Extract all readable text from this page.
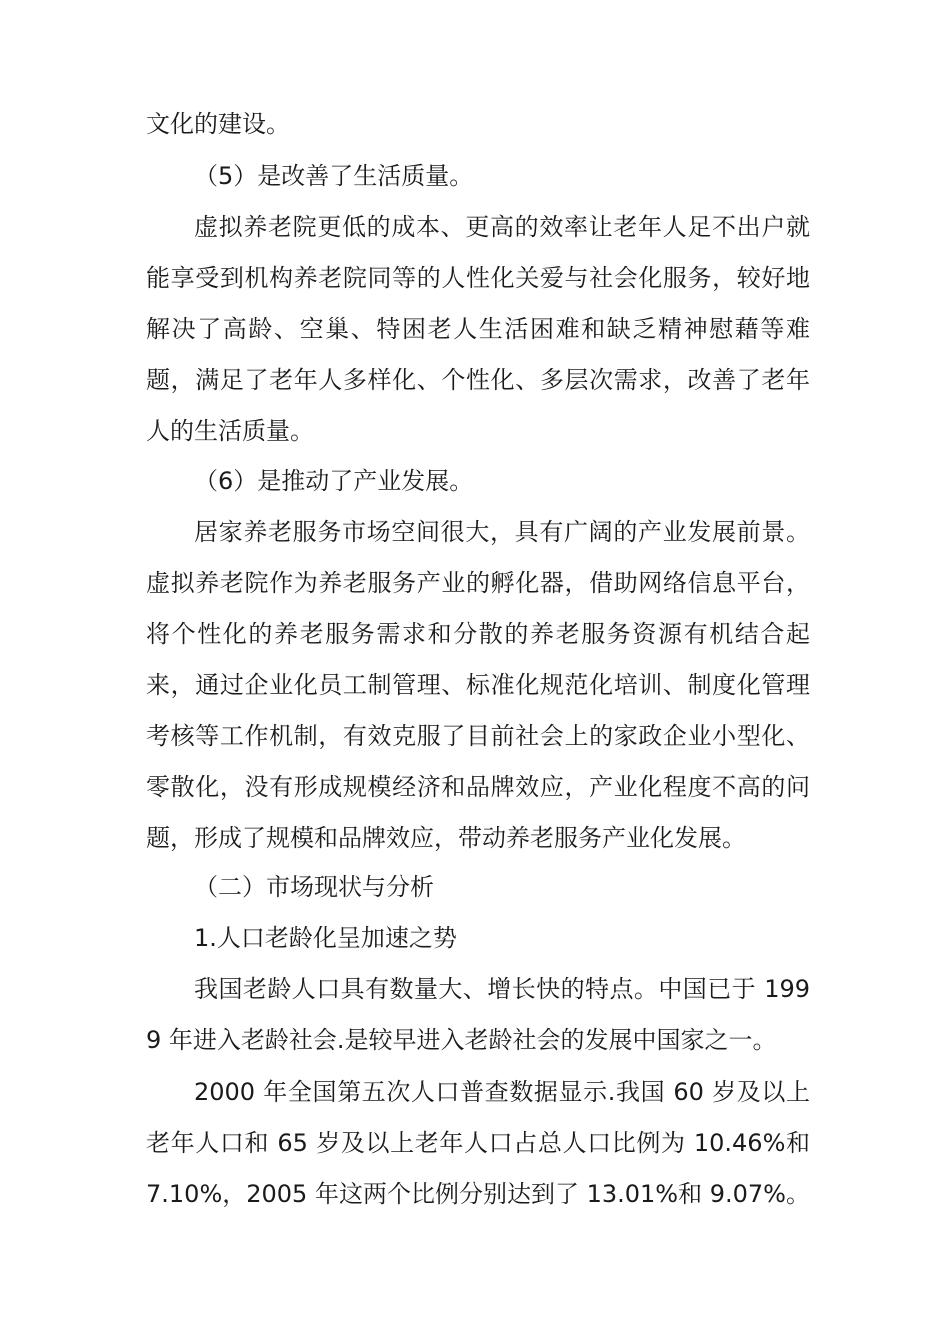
文化的建设。

（5）是改善了生活质量。

虚拟养老院更低的成本、更高的效率让老年人足不出户就能享受到机构养老院同等的人性化关爱与社会化服务，较好地解决了高龄、空巢、特困老人生活困难和缺乏精神慰藉等难题，满足了老年人多样化、个性化、多层次需求，改善了老年人的生活质量。

（6）是推动了产业发展。

居家养老服务市场空间很大，具有广阔的产业发展前景。虚拟养老院作为养老服务产业的孵化器，借助网络信息平台，将个性化的养老服务需求和分散的养老服务资源有机结合起来，通过企业化员工制管理、标准化规范化培训、制度化管理考核等工作机制，有效克服了目前社会上的家政企业小型化、零散化，没有形成规模经济和品牌效应，产业化程度不高的问题，形成了规模和品牌效应，带动养老服务产业化发展。

（二）市场现状与分析

1.人口老龄化呈加速之势

我国老龄人口具有数量大、增长快的特点。中国已于 1999 年进入老龄社会.是较早进入老龄社会的发展中国家之一。

2000 年全国第五次人口普查数据显示.我国 60 岁及以上老年人口和 65 岁及以上老年人口占总人口比例为 10.46%和 7.10%，2005 年这两个比例分别达到了 13.01%和 9.07%。
